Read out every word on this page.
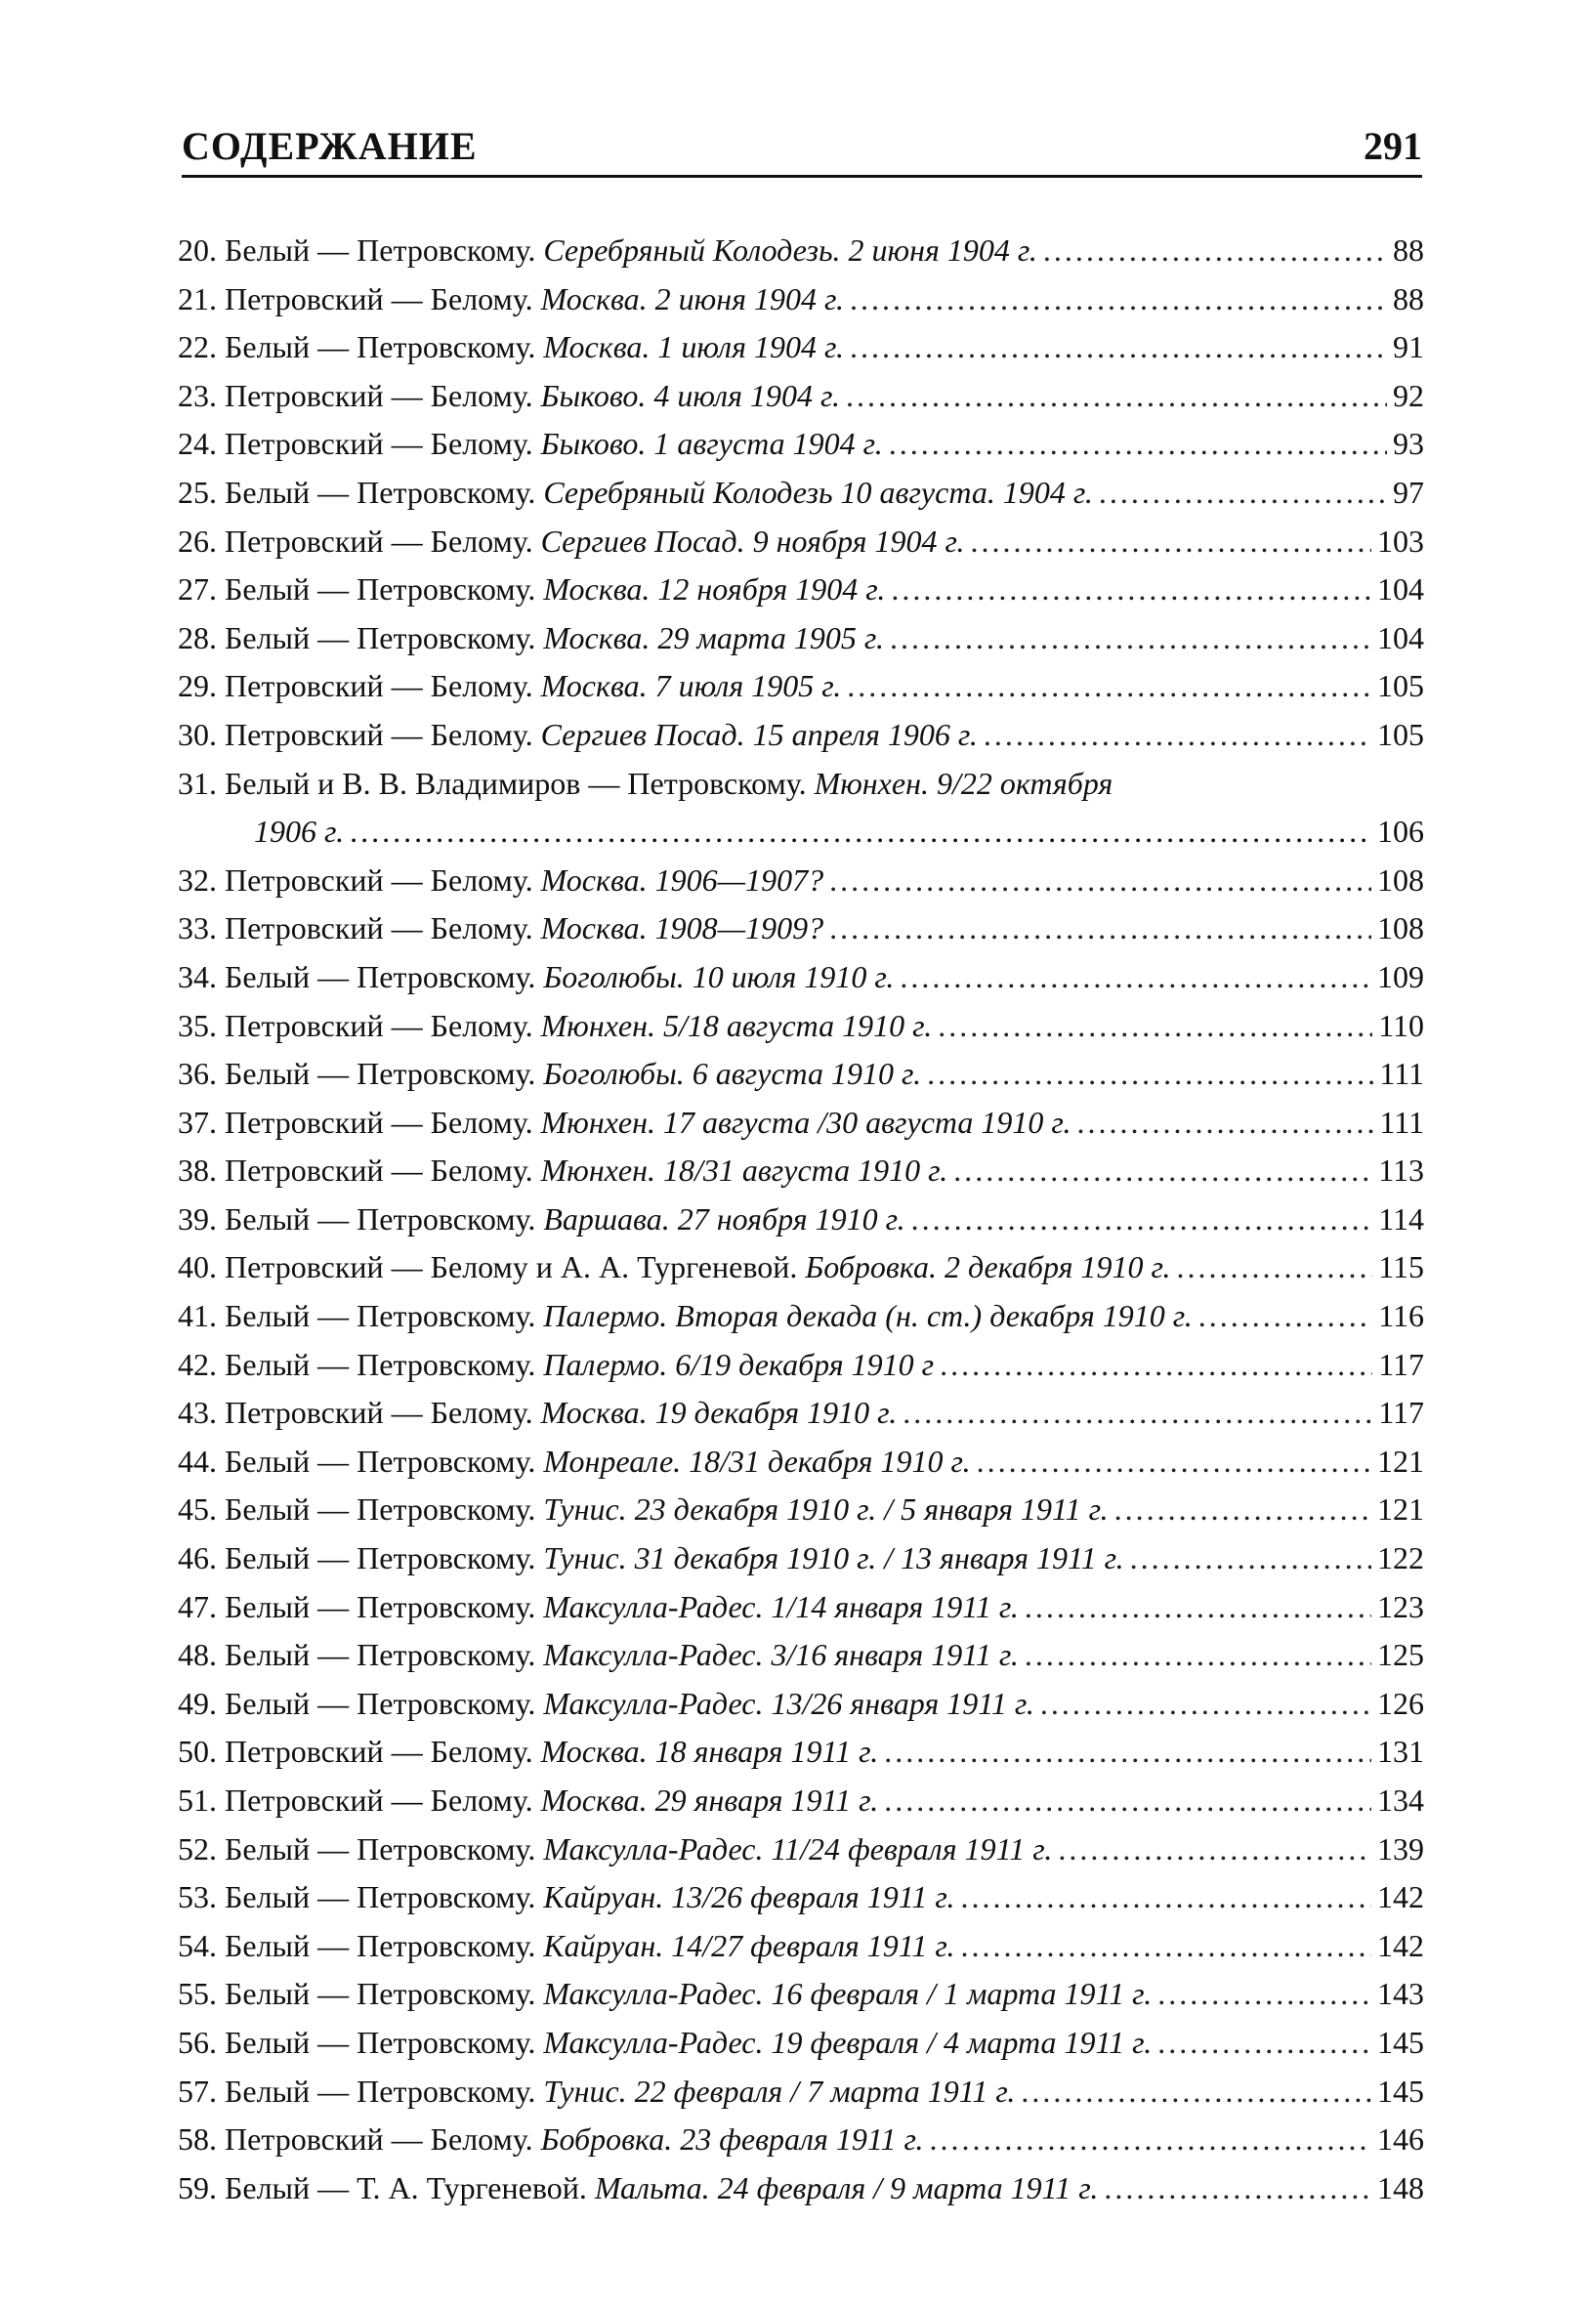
СОДЕРЖАНИЕ	291
20. Белый — Петровскому. Серебряный Колодезь. 2 июня 1904 г. .....	88
21. Петровский — Белому. Москва. 2 июня 1904 г. .....	88
22. Белый — Петровскому. Москва. 1 июля 1904 г. .....	91
23. Петровский — Белому. Быково. 4 июля 1904 г. .....	92
24. Петровский — Белому. Быково. 1 августа 1904 г. .....	93
25. Белый — Петровскому. Серебряный Колодезь 10 августа. 1904 г. .....	97
26. Петровский — Белому. Сергиев Посад. 9 ноября 1904 г. .....	103
27. Белый — Петровскому. Москва. 12 ноября 1904 г. .....	104
28. Белый — Петровскому. Москва. 29 марта 1905 г. .....	104
29. Петровский — Белому. Москва. 7 июля 1905 г. .....	105
30. Петровский — Белому. Сергиев Посад. 15 апреля 1906 г. .....	105
31. Белый и В. В. Владимиров — Петровскому. Мюнхен. 9/22 октября
1906 г. .....	106
32. Петровский — Белому. Москва. 1906—1907? .....	108
33. Петровский — Белому. Москва. 1908—1909? .....	108
34. Белый — Петровскому. Боголюбы. 10 июля 1910 г. .....	109
35. Петровский — Белому. Мюнхен. 5/18 августа 1910 г. .....	110
36. Белый — Петровскому. Боголюбы. 6 августа 1910 г. .....	111
37. Петровский — Белому. Мюнхен. 17 августа /30 августа 1910 г. .....	111
38. Петровский — Белому. Мюнхен. 18/31 августа 1910 г. .....	113
39. Белый — Петровскому. Варшава. 27 ноября 1910 г. .....	114
40. Петровский — Белому и А. А. Тургеневой. Бобровка. 2 декабря 1910 г. .....	115
41. Белый — Петровскому. Палермо. Вторая декада (н. ст.) декабря 1910 г. .....	116
42. Белый — Петровскому. Палермо. 6/19 декабря 1910 г .....	117
43. Петровский — Белому. Москва. 19 декабря 1910 г. .....	117
44. Белый — Петровскому. Монреале. 18/31 декабря 1910 г. .....	121
45. Белый — Петровскому. Тунис. 23 декабря 1910 г. / 5 января 1911 г. .....	121
46. Белый — Петровскому. Тунис. 31 декабря 1910 г. / 13 января 1911 г. .....	122
47. Белый — Петровскому. Максулла-Радес. 1/14 января 1911 г. .....	123
48. Белый — Петровскому. Максулла-Радес. 3/16 января 1911 г. .....	125
49. Белый — Петровскому. Максулла-Радес. 13/26 января 1911 г. .....	126
50. Петровский — Белому. Москва. 18 января 1911 г. .....	131
51. Петровский — Белому. Москва. 29 января 1911 г. .....	134
52. Белый — Петровскому. Максулла-Радес. 11/24 февраля 1911 г. .....	139
53. Белый — Петровскому. Кайруан. 13/26 февраля 1911 г. .....	142
54. Белый — Петровскому. Кайруан. 14/27 февраля 1911 г. .....	142
55. Белый — Петровскому. Максулла-Радес. 16 февраля / 1 марта 1911 г. .....	143
56. Белый — Петровскому. Максулла-Радес. 19 февраля / 4 марта 1911 г. .....	145
57. Белый — Петровскому. Тунис. 22 февраля / 7 марта 1911 г. .....	145
58. Петровский — Белому. Бобровка. 23 февраля 1911 г. .....	146
59. Белый — Т. А. Тургеневой. Мальта. 24 февраля / 9 марта 1911 г. .....	148
